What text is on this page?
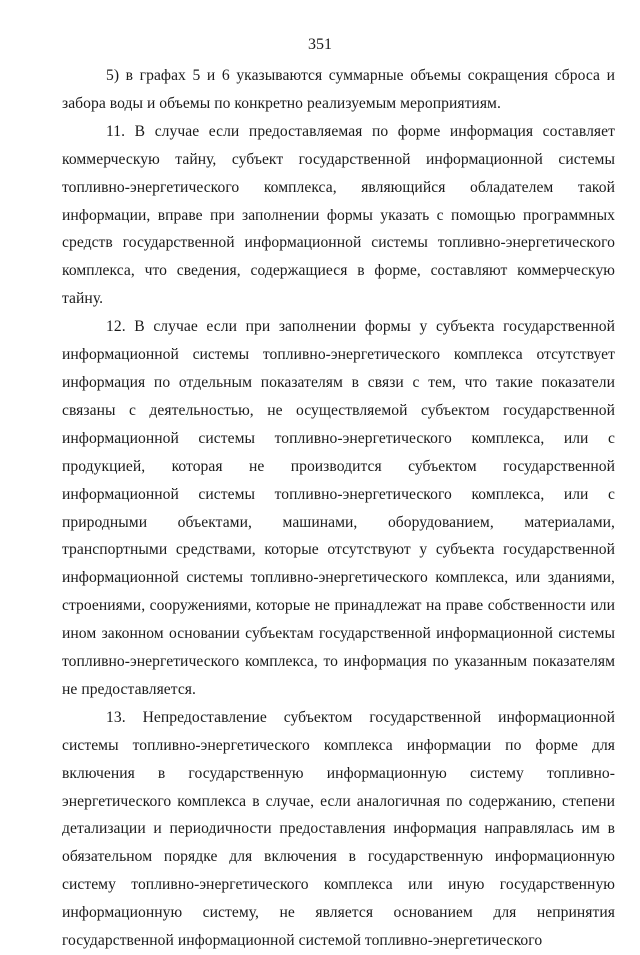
351

5) в графах 5 и 6 указываются суммарные объемы сокращения сброса и забора воды и объемы по конкретно реализуемым мероприятиям.

11. В случае если предоставляемая по форме информация составляет коммерческую тайну, субъект государственной информационной системы топливно-энергетического комплекса, являющийся обладателем такой информации, вправе при заполнении формы указать с помощью программных средств государственной информационной системы топливно-энергетического комплекса, что сведения, содержащиеся в форме, составляют коммерческую тайну.

12. В случае если при заполнении формы у субъекта государственной информационной системы топливно-энергетического комплекса отсутствует информация по отдельным показателям в связи с тем, что такие показатели связаны с деятельностью, не осуществляемой субъектом государственной информационной системы топливно-энергетического комплекса, или с продукцией, которая не производится субъектом государственной информационной системы топливно-энергетического комплекса, или с природными объектами, машинами, оборудованием, материалами, транспортными средствами, которые отсутствуют у субъекта государственной информационной системы топливно-энергетического комплекса, или зданиями, строениями, сооружениями, которые не принадлежат на праве собственности или ином законном основании субъектам государственной информационной системы топливно-энергетического комплекса, то информация по указанным показателям не предоставляется.

13. Непредоставление субъектом государственной информационной системы топливно-энергетического комплекса информации по форме для включения в государственную информационную систему топливно-энергетического комплекса в случае, если аналогичная по содержанию, степени детализации и периодичности предоставления информация направлялась им в обязательном порядке для включения в государственную информационную систему топливно-энергетического комплекса или иную государственную информационную систему, не является основанием для непринятия государственной информационной системой топливно-энергетического
